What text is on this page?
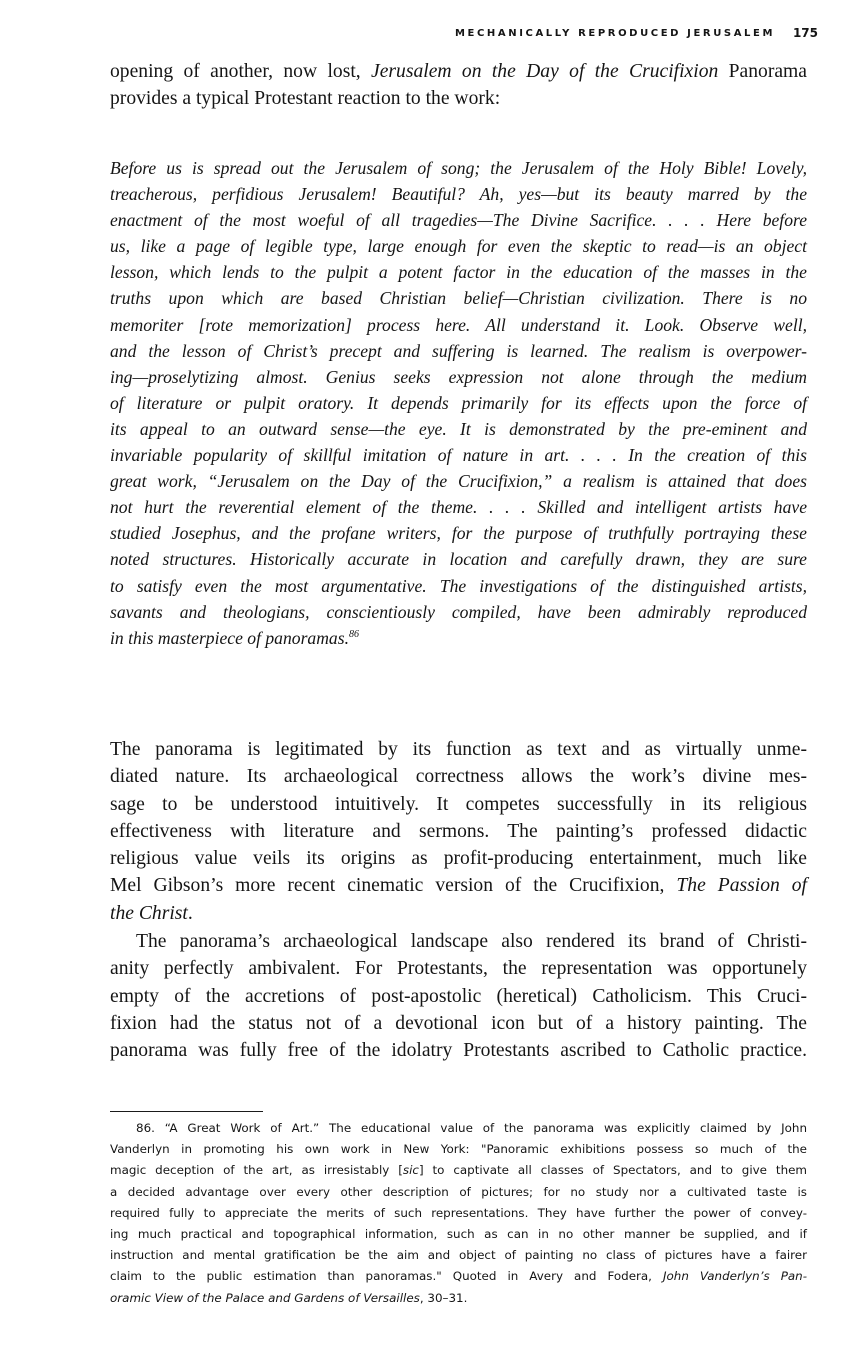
MECHANICALLY REPRODUCED JERUSALEM 175
opening of another, now lost, Jerusalem on the Day of the Crucifixion Panorama
provides a typical Protestant reaction to the work:
Before us is spread out the Jerusalem of song; the Jerusalem of the Holy Bible! Lovely,
treacherous, perfidious Jerusalem! Beautiful? Ah, yes—but its beauty marred by the
enactment of the most woeful of all tragedies—The Divine Sacrifice. . . . Here before
us, like a page of legible type, large enough for even the skeptic to read—is an object
lesson, which lends to the pulpit a potent factor in the education of the masses in the
truths upon which are based Christian belief—Christian civilization. There is no
memoriter [rote memorization] process here. All understand it. Look. Observe well,
and the lesson of Christ’s precept and suffering is learned. The realism is overpower-
ing—proselytizing almost. Genius seeks expression not alone through the medium
of literature or pulpit oratory. It depends primarily for its effects upon the force of
its appeal to an outward sense—the eye. It is demonstrated by the pre-eminent and
invariable popularity of skillful imitation of nature in art. . . . In the creation of this
great work, “Jerusalem on the Day of the Crucifixion,” a realism is attained that does
not hurt the reverential element of the theme. . . . Skilled and intelligent artists have
studied Josephus, and the profane writers, for the purpose of truthfully portraying these
noted structures. Historically accurate in location and carefully drawn, they are sure
to satisfy even the most argumentative. The investigations of the distinguished artists,
savants and theologians, conscientiously compiled, have been admirably reproduced
in this masterpiece of panoramas.$^{86}$
The panorama is legitimated by its function as text and as virtually unme-
diated nature. Its archaeological correctness allows the work’s divine mes-
sage to be understood intuitively. It competes successfully in its religious
effectiveness with literature and sermons. The painting’s professed didactic
religious value veils its origins as profit-producing entertainment, much like
Mel Gibson’s more recent cinematic version of the Crucifixion, The Passion of
the Christ.
The panorama’s archaeological landscape also rendered its brand of Christi-
anity perfectly ambivalent. For Protestants, the representation was opportunely
empty of the accretions of post-apostolic (heretical) Catholicism. This Cruci-
fixion had the status not of a devotional icon but of a history painting. The
panorama was fully free of the idolatry Protestants ascribed to Catholic practice.
86. “A Great Work of Art.” The educational value of the panorama was explicitly claimed by John
Vanderlyn in promoting his own work in New York: "Panoramic exhibitions possess so much of the
magic deception of the art, as irresistably [sic] to captivate all classes of Spectators, and to give them
a decided advantage over every other description of pictures; for no study nor a cultivated taste is
required fully to appreciate the merits of such representations. They have further the power of convey-
ing much practical and topographical information, such as can in no other manner be supplied, and if
instruction and mental gratification be the aim and object of painting no class of pictures have a fairer
claim to the public estimation than panoramas." Quoted in Avery and Fodera, John Vanderlyn’s Pan-
oramic View of the Palace and Gardens of Versailles, 30–31.
